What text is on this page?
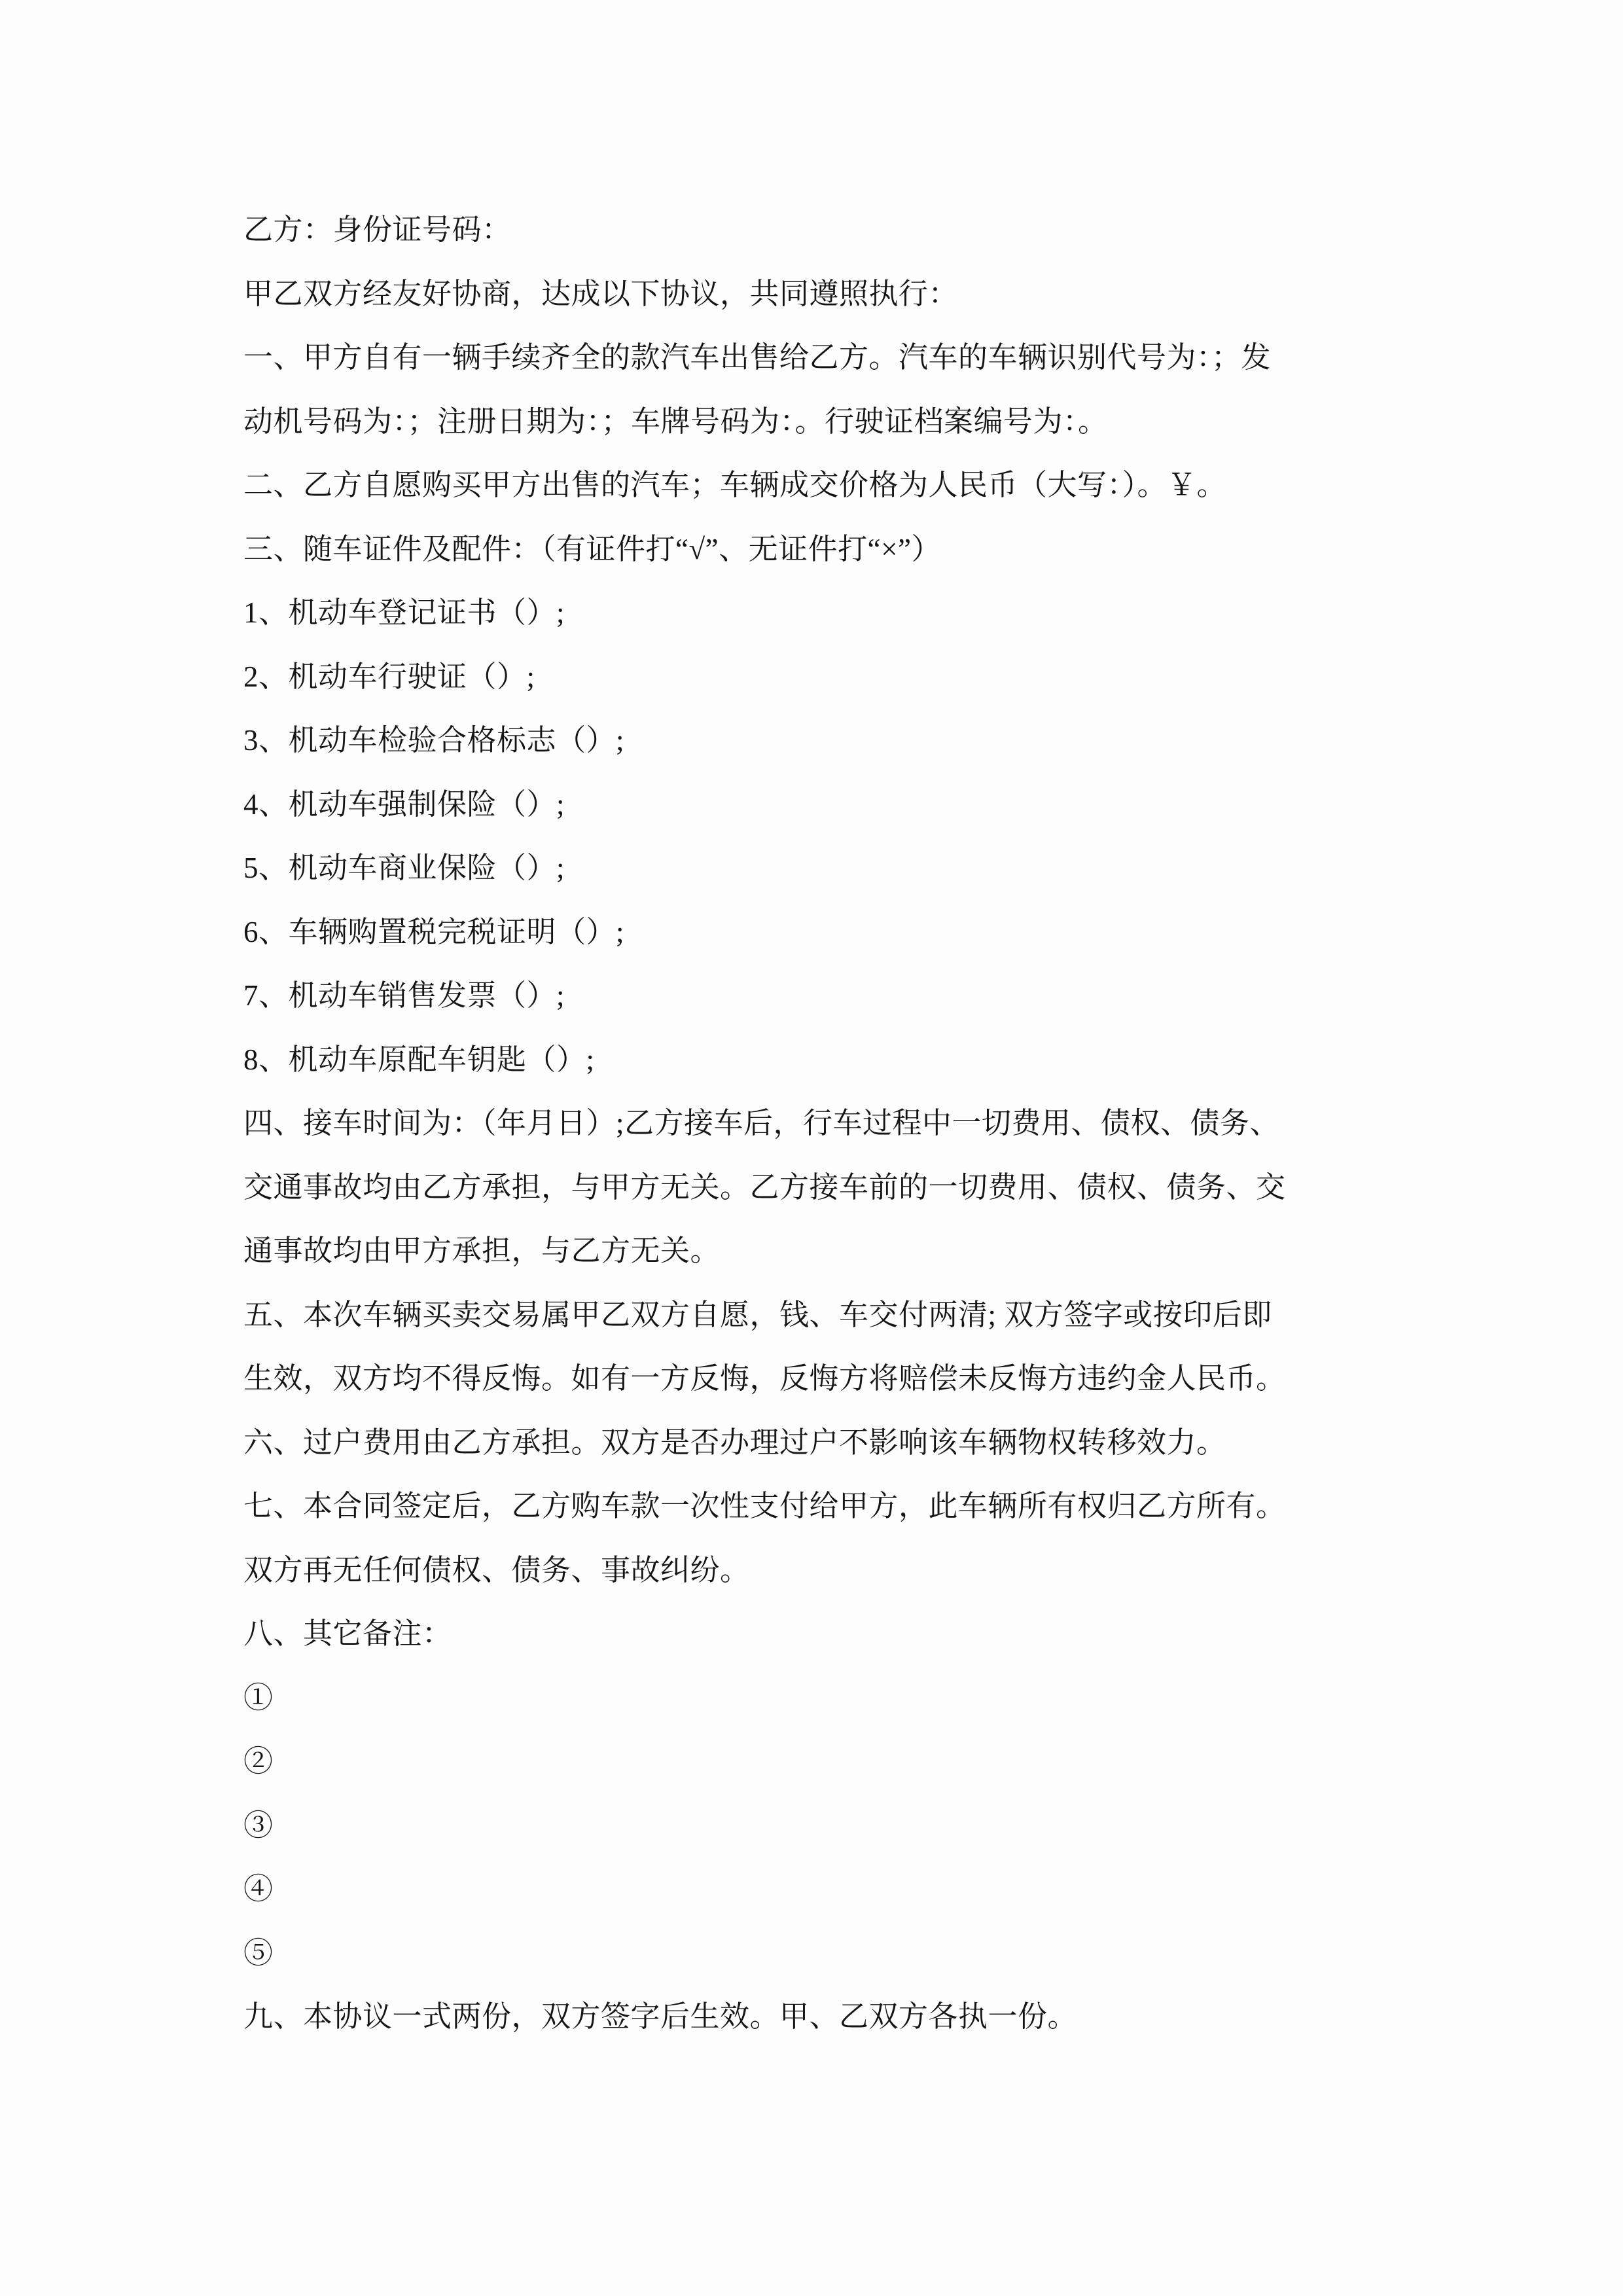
乙方：身份证号码：

甲乙双方经友好协商，达成以下协议，共同遵照执行：

一、甲方自有一辆手续齐全的款汽车出售给乙方。汽车的车辆识别代号为：；发

动机号码为：；注册日期为：；车牌号码为：。行驶证档案编号为：。

二、乙方自愿购买甲方出售的汽车；车辆成交价格为人民币（大写：）。￥。

三、随车证件及配件：（有证件打“√”、无证件打“×”）

1、机动车登记证书（）;

2、机动车行驶证（）;

3、机动车检验合格标志（）;

4、机动车强制保险（）;

5、机动车商业保险（）;

6、车辆购置税完税证明（）;

7、机动车销售发票（）;

8、机动车原配车钥匙（）;

四、接车时间为：（年月日）;乙方接车后，行车过程中一切费用、债权、债务、

交通事故均由乙方承担，与甲方无关。乙方接车前的一切费用、债权、债务、交

通事故均由甲方承担，与乙方无关。

五、本次车辆买卖交易属甲乙双方自愿，钱、车交付两清; 双方签字或按印后即

生效，双方均不得反悔。如有一方反悔，反悔方将赔偿未反悔方违约金人民币。

六、过户费用由乙方承担。双方是否办理过户不影响该车辆物权转移效力。

七、本合同签定后，乙方购车款一次性支付给甲方，此车辆所有权归乙方所有。

双方再无任何债权、债务、事故纠纷。

八、其它备注：

①

②

③

④

⑤

九、本协议一式两份，双方签字后生效。甲、乙双方各执一份。
